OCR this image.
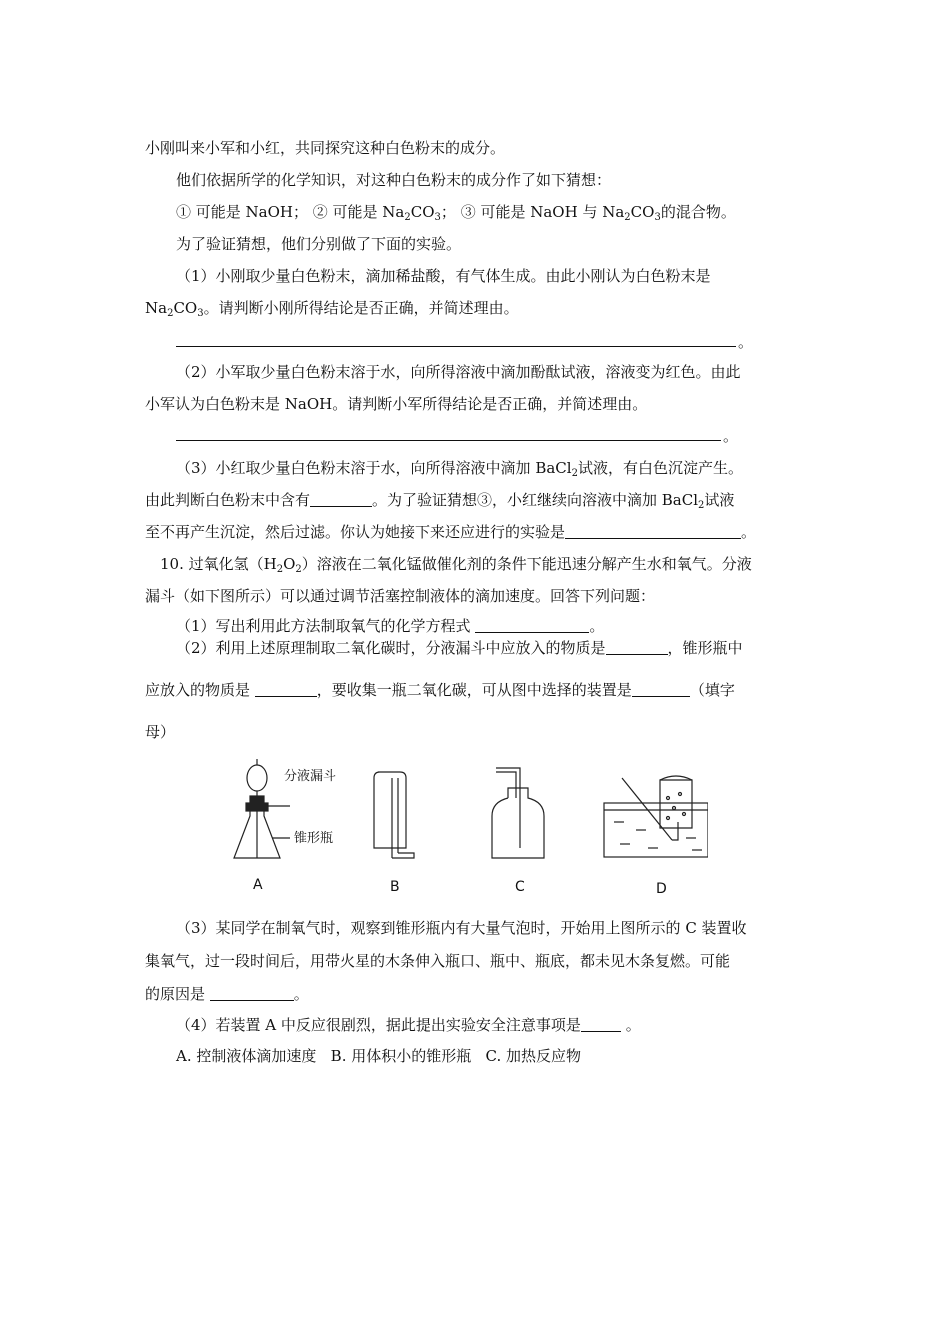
小刚叫来小军和小红，共同探究这种白色粉末的成分。
他们依据所学的化学知识，对这种白色粉末的成分作了如下猜想：
① 可能是 NaOH； ② 可能是 $Na_2CO_3$； ③ 可能是 NaOH 与 $Na_2CO_3$的混合物。
为了验证猜想，他们分别做了下面的实验。
（1）小刚取少量白色粉末，滴加稀盐酸，有气体生成。由此小刚认为白色粉末是
$Na_2CO_3$。请判断小刚所得结论是否正确，并简述理由。
。
（2）小军取少量白色粉末溶于水，向所得溶液中滴加酚酞试液，溶液变为红色。由此
小军认为白色粉末是 NaOH。请判断小军所得结论是否正确，并简述理由。
。
（3）小红取少量白色粉末溶于水，向所得溶液中滴加 BaCl$_2$试液，有白色沉淀产生。
由此判断白色粉末中含有	。为了验证猜想③，小红继续向溶液中滴加 BaCl$_2$试液
至不再产生沉淀，然后过滤。你认为她接下来还应进行的实验是	。
10. 过氧化氢$(H_2O_2)$溶液在二氧化锰做催化剂的条件下能迅速分解产生水和氧气。分液
漏斗（如下图所示）可以通过调节活塞控制液体的滴加速度。回答下列问题：
（1）写出利用此方法制取氧气的化学方程式	。
（2）利用上述原理制取二氧化碳时，分液漏斗中应放入的物质是	，锥形瓶中
应放入的物质是	，要收集一瓶二氧化碳，可从图中选择的装置是	（填字
母）
分液漏斗
锥形瓶
B	C	D
A
（3）某同学在制氧气时，观察到锥形瓶内有大量气泡时，开始用上图所示的 C 装置收
集氧气，过一段时间后，用带火星的木条伸入瓶口、瓶中、瓶底，都未见木条复燃。可能
的原因是	。
（4）若装置 A 中反应很剧烈，据此提出实验安全注意事项是	。
A. 控制液体滴加速度   B. 用体积小的锥形瓶   C. 加热反应物
